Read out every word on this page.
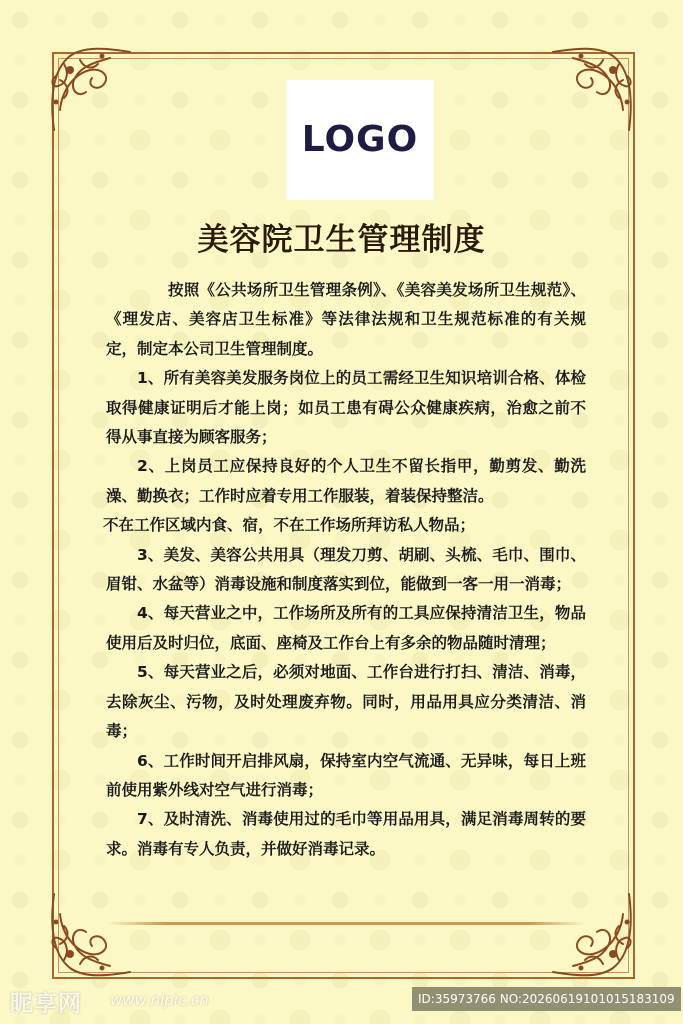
LOGO
美容院卫生管理制度

按照《公共场所卫生管理条例》、《美容美发场所卫生规范》、《理发店、美容店卫生标准》等法律法规和卫生规范标准的有关规定，制定本公司卫生管理制度。

1、所有美容美发服务岗位上的员工需经卫生知识培训合格、体检取得健康证明后才能上岗；如员工患有碍公众健康疾病，治愈之前不得从事直接为顾客服务；

2、上岗员工应保持良好的个人卫生不留长指甲，勤剪发、勤洗澡、勤换衣；工作时应着专用工作服装，着装保持整洁。

不在工作区域内食、宿，不在工作场所拜访私人物品；

3、美发、美容公共用具（理发刀剪、胡刷、头梳、毛巾、围巾、眉钳、水盆等）消毒设施和制度落实到位，能做到一客一用一消毒；

4、每天营业之中，工作场所及所有的工具应保持清洁卫生，物品使用后及时归位，底面、座椅及工作台上有多余的物品随时清理；

5、每天营业之后，必须对地面、工作台进行打扫、清洁、消毒，去除灰尘、污物，及时处理废弃物。同时，用品用具应分类清洁、消毒；

6、工作时间开启排风扇，保持室内空气流通、无异味，每日上班前使用紫外线对空气进行消毒；

7、及时清洗、消毒使用过的毛巾等用品用具，满足消毒周转的要求。消毒有专人负责，并做好消毒记录。

昵享网 www.nipic.cn	ID:35973766 NO:20260619101015183109
